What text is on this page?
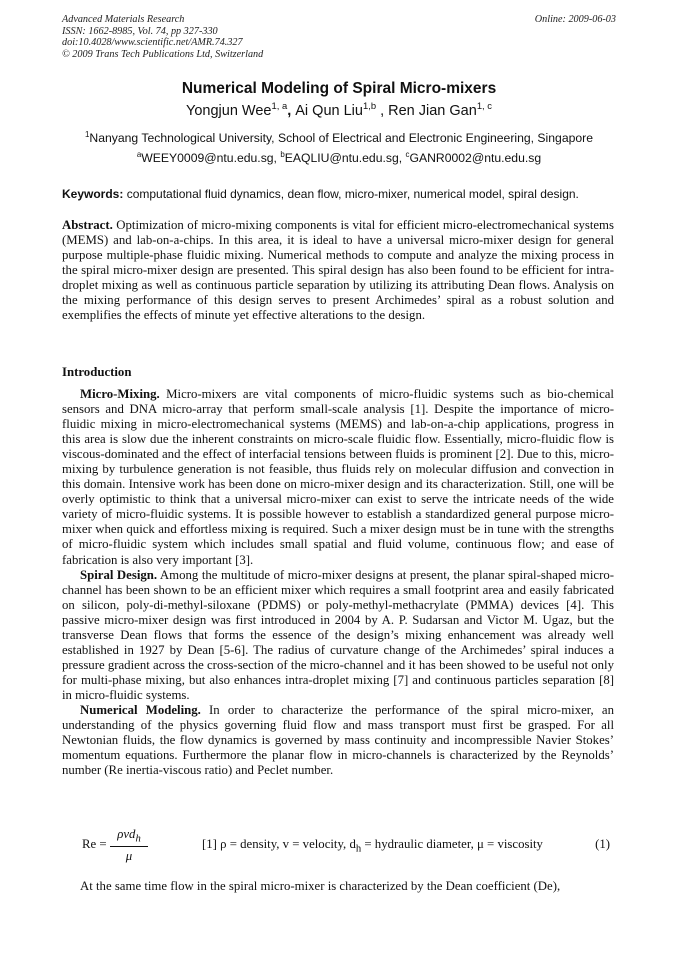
Advanced Materials Research
ISSN: 1662-8985, Vol. 74, pp 327-330
doi:10.4028/www.scientific.net/AMR.74.327
© 2009 Trans Tech Publications Ltd, Switzerland
Online: 2009-06-03
Numerical Modeling of Spiral Micro-mixers
Yongjun Wee$^{1, a}$, Ai Qun Liu$^{1,b}$ , Ren Jian Gan$^{1, c}$
$^1$Nanyang Technological University, School of Electrical and Electronic Engineering, Singapore
$^a$WEEY0009@ntu.edu.sg, $^b$EAQLIU@ntu.edu.sg, $^c$GANR0002@ntu.edu.sg
Keywords: computational fluid dynamics, dean flow, micro-mixer, numerical model, spiral design.
Abstract. Optimization of micro-mixing components is vital for efficient micro-electromechanical systems (MEMS) and lab-on-a-chips. In this area, it is ideal to have a universal micro-mixer design for general purpose multiple-phase fluidic mixing. Numerical methods to compute and analyze the mixing process in the spiral micro-mixer design are presented. This spiral design has also been found to be efficient for intra-droplet mixing as well as continuous particle separation by utilizing its attributing Dean flows. Analysis on the mixing performance of this design serves to present Archimedes’ spiral as a robust solution and exemplifies the effects of minute yet effective alterations to the design.
Introduction

Micro-Mixing. Micro-mixers are vital components of micro-fluidic systems such as bio-chemical sensors and DNA micro-array that perform small-scale analysis [1]. Despite the importance of micro-fluidic mixing in micro-electromechanical systems (MEMS) and lab-on-a-chip applications, progress in this area is slow due the inherent constraints on micro-scale fluidic flow. Essentially, micro-fluidic flow is viscous-dominated and the effect of interfacial tensions between fluids is prominent [2]. Due to this, micro-mixing by turbulence generation is not feasible, thus fluids rely on molecular diffusion and convection in this domain. Intensive work has been done on micro-mixer design and its characterization. Still, one will be overly optimistic to think that a universal micro-mixer can exist to serve the intricate needs of the wide variety of micro-fluidic systems. It is possible however to establish a standardized general purpose micro-mixer when quick and effortless mixing is required. Such a mixer design must be in tune with the strengths of micro-fluidic system which includes small spatial and fluid volume, continuous flow; and ease of fabrication is also very important [3].

Spiral Design. Among the multitude of micro-mixer designs at present, the planar spiral-shaped micro-channel has been shown to be an efficient mixer which requires a small footprint area and easily fabricated on silicon, poly-di-methyl-siloxane (PDMS) or poly-methyl-methacrylate (PMMA) devices [4]. This passive micro-mixer design was first introduced in 2004 by A. P. Sudarsan and Victor M. Ugaz, but the transverse Dean flows that forms the essence of the design’s mixing enhancement was already well established in 1927 by Dean [5-6]. The radius of curvature change of the Archimedes’ spiral induces a pressure gradient across the cross-section of the micro-channel and it has been showed to be useful not only for multi-phase mixing, but also enhances intra-droplet mixing [7] and continuous particles separation [8] in micro-fluidic systems.

Numerical Modeling. In order to characterize the performance of the spiral micro-mixer, an understanding of the physics governing fluid flow and mass transport must first be grasped. For all Newtonian fluids, the flow dynamics is governed by mass continuity and incompressible Navier Stokes’ momentum equations. Furthermore the planar flow in micro-channels is characterized by the Reynolds’ number (Re inertia-viscous ratio) and Peclet number.

Re =
ρvd$_h$
μ
[1] ρ = density, v = velocity, $d_h$ = hydraulic diameter, μ = viscosity	(1)
At the same time flow in the spiral micro-mixer is characterized by the Dean coefficient (De),
